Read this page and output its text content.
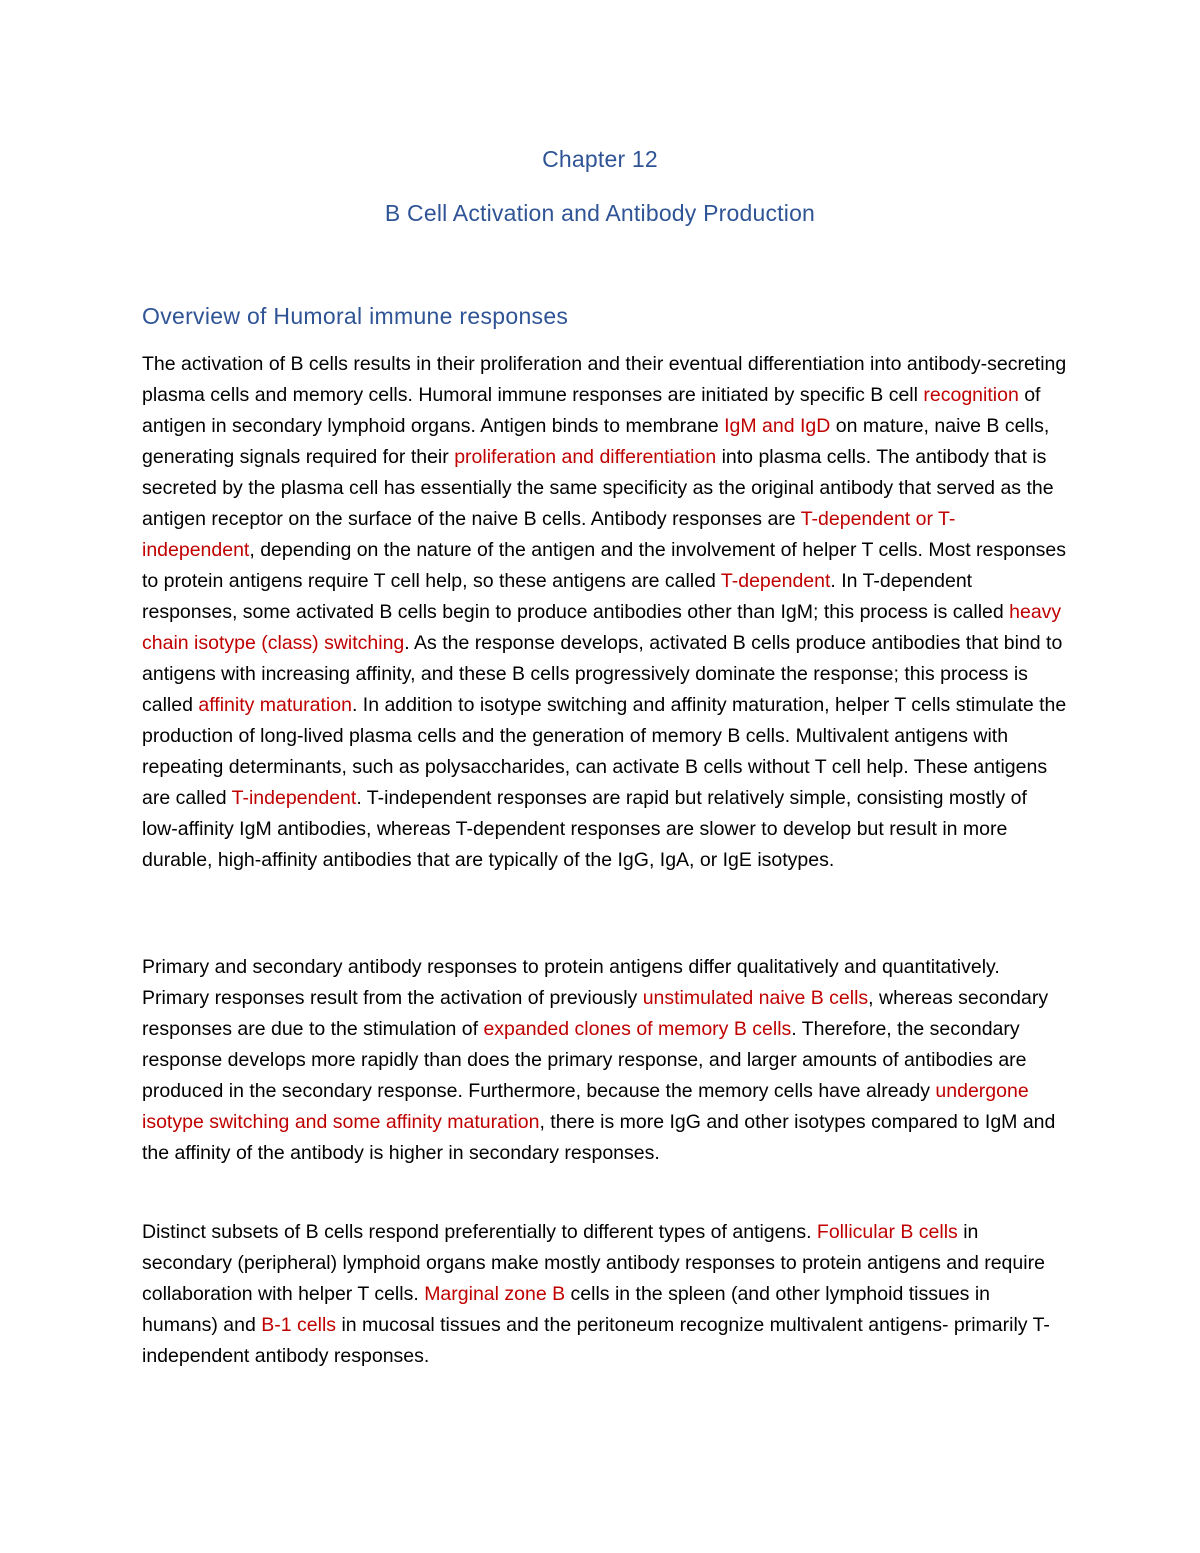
Chapter 12
B Cell Activation and Antibody Production
Overview of Humoral immune responses

The activation of B cells results in their proliferation and their eventual differentiation into antibody-secreting plasma cells and memory cells. Humoral immune responses are initiated by specific B cell recognition of antigen in secondary lymphoid organs. Antigen binds to membrane IgM and IgD on mature, naive B cells, generating signals required for their proliferation and differentiation into plasma cells. The antibody that is secreted by the plasma cell has essentially the same specificity as the original antibody that served as the antigen receptor on the surface of the naive B cells. Antibody responses are T-dependent or T-independent, depending on the nature of the antigen and the involvement of helper T cells. Most responses to protein antigens require T cell help, so these antigens are called T-dependent. In T-dependent responses, some activated B cells begin to produce antibodies other than IgM; this process is called heavy chain isotype (class) switching. As the response develops, activated B cells produce antibodies that bind to antigens with increasing affinity, and these B cells progressively dominate the response; this process is called affinity maturation. In addition to isotype switching and affinity maturation, helper T cells stimulate the production of long-lived plasma cells and the generation of memory B cells. Multivalent antigens with repeating determinants, such as polysaccharides, can activate B cells without T cell help. These antigens are called T-independent. T-independent responses are rapid but relatively simple, consisting mostly of low-affinity IgM antibodies, whereas T-dependent responses are slower to develop but result in more durable, high-affinity antibodies that are typically of the IgG, IgA, or IgE isotypes.

Primary and secondary antibody responses to protein antigens differ qualitatively and quantitatively. Primary responses result from the activation of previously unstimulated naive B cells, whereas secondary responses are due to the stimulation of expanded clones of memory B cells. Therefore, the secondary response develops more rapidly than does the primary response, and larger amounts of antibodies are produced in the secondary response. Furthermore, because the memory cells have already undergone isotype switching and some affinity maturation, there is more IgG and other isotypes compared to IgM and the affinity of the antibody is higher in secondary responses.

Distinct subsets of B cells respond preferentially to different types of antigens. Follicular B cells in secondary (peripheral) lymphoid organs make mostly antibody responses to protein antigens and require collaboration with helper T cells. Marginal zone B cells in the spleen (and other lymphoid tissues in humans) and B-1 cells in mucosal tissues and the peritoneum recognize multivalent antigens- primarily T-independent antibody responses.
